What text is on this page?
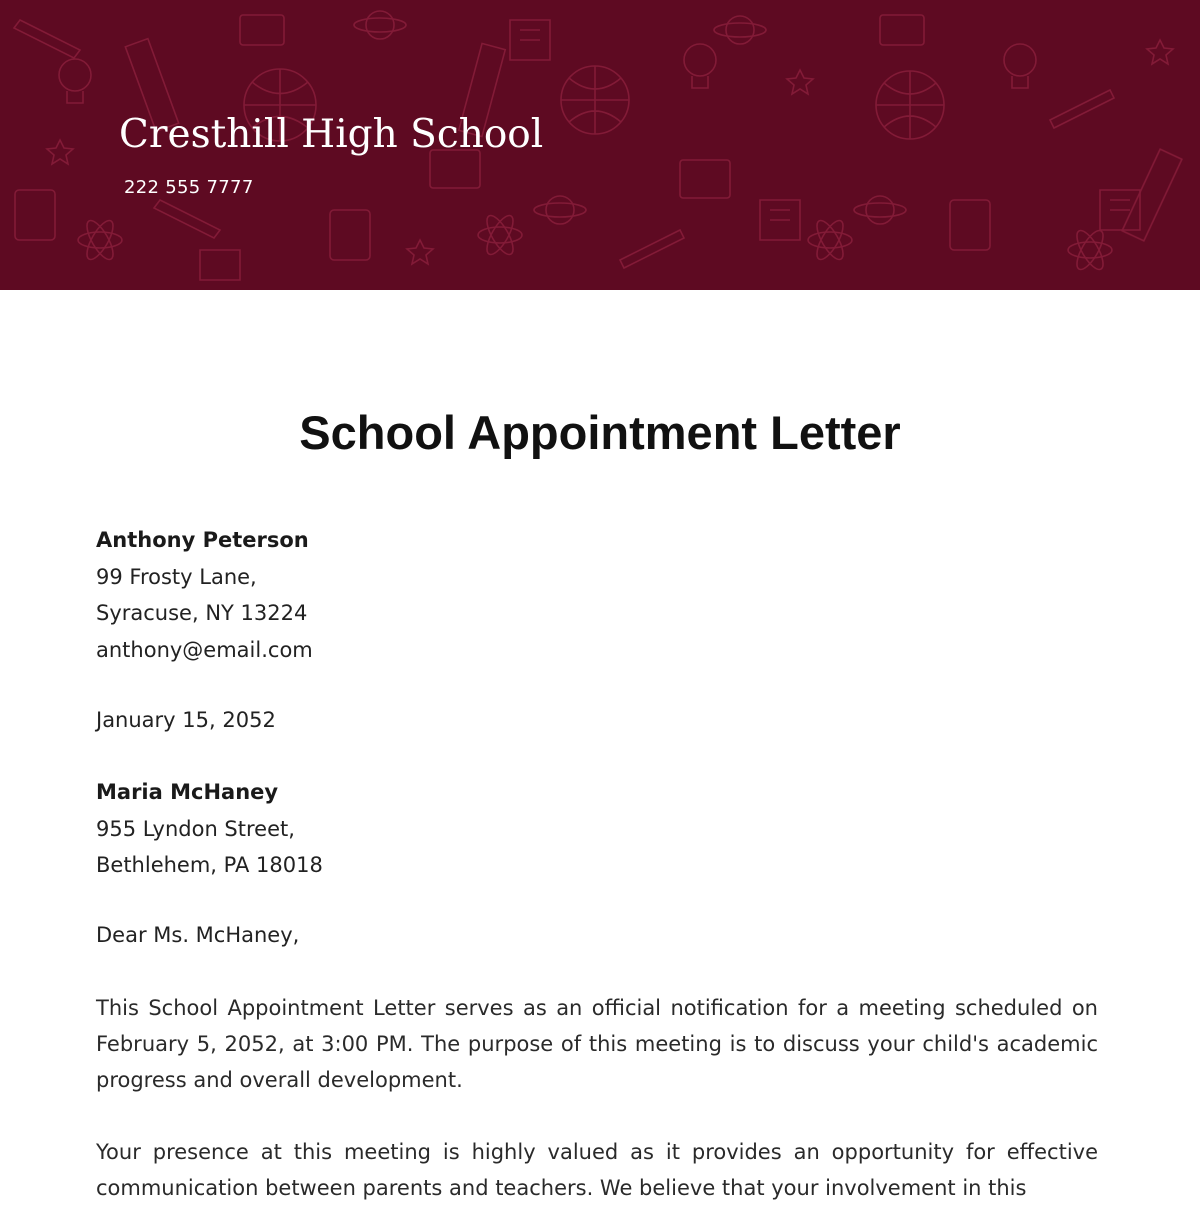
Cresthill High School
222 555 7777
School Appointment Letter
Anthony Peterson
99 Frosty Lane,
Syracuse, NY 13224
anthony@email.com
January 15, 2052
Maria McHaney
955 Lyndon Street,
Bethlehem, PA 18018
Dear Ms. McHaney,

This School Appointment Letter serves as an official notification for a meeting scheduled on February 5, 2052, at 3:00 PM. The purpose of this meeting is to discuss your child's academic progress and overall development.

Your presence at this meeting is highly valued as it provides an opportunity for effective communication between parents and teachers. We believe that your involvement in this
